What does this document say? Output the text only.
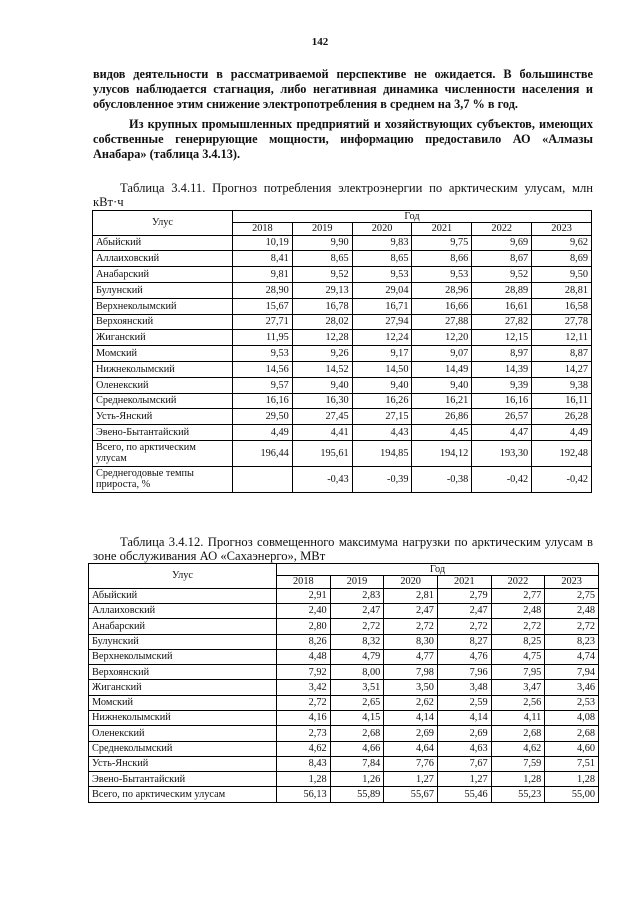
142

видов деятельности в рассматриваемой перспективе не ожидается. В большинстве улусов наблюдается стагнация, либо негативная динамика численности населения и обусловленное этим снижение электропотребления в среднем на 3,7 % в год.

Из крупных промышленных предприятий и хозяйствующих субъектов, имеющих собственные генерирующие мощности, информацию предоставило АО «Алмазы Анабара» (таблица 3.4.13).

Таблица 3.4.11. Прогноз потребления электроэнергии по арктическим улусам, млн кВт·ч

Улус	Год					
	2018	2019	2020	2021	2022	2023
Абыйский	10,19	9,90	9,83	9,75	9,69	9,62
Аллаиховский	8,41	8,65	8,65	8,66	8,67	8,69
Анабарский	9,81	9,52	9,53	9,53	9,52	9,50
Булунский	28,90	29,13	29,04	28,96	28,89	28,81
Верхнеколымский	15,67	16,78	16,71	16,66	16,61	16,58
Верхоянский	27,71	28,02	27,94	27,88	27,82	27,78
Жиганский	11,95	12,28	12,24	12,20	12,15	12,11
Момский	9,53	9,26	9,17	9,07	8,97	8,87
Нижнеколымский	14,56	14,52	14,50	14,49	14,39	14,27
Оленекский	9,57	9,40	9,40	9,40	9,39	9,38
Среднеколымский	16,16	16,30	16,26	16,21	16,16	16,11
Усть-Янский	29,50	27,45	27,15	26,86	26,57	26,28
Эвено-Бытантайский	4,49	4,41	4,43	4,45	4,47	4,49
Всего, по арктическим улусам	196,44	195,61	194,85	194,12	193,30	192,48
Среднегодовые темпы прироста, %		-0,43	-0,39	-0,38	-0,42	-0,42

Таблица 3.4.12. Прогноз совмещенного максимума нагрузки по арктическим улусам в зоне обслуживания АО «Сахаэнерго», МВт

Улус	Год					
	2018	2019	2020	2021	2022	2023
Абыйский	2,91	2,83	2,81	2,79	2,77	2,75
Аллаиховский	2,40	2,47	2,47	2,47	2,48	2,48
Анабарский	2,80	2,72	2,72	2,72	2,72	2,72
Булунский	8,26	8,32	8,30	8,27	8,25	8,23
Верхнеколымский	4,48	4,79	4,77	4,76	4,75	4,74
Верхоянский	7,92	8,00	7,98	7,96	7,95	7,94
Жиганский	3,42	3,51	3,50	3,48	3,47	3,46
Момский	2,72	2,65	2,62	2,59	2,56	2,53
Нижнеколымский	4,16	4,15	4,14	4,14	4,11	4,08
Оленекский	2,73	2,68	2,69	2,69	2,68	2,68
Среднеколымский	4,62	4,66	4,64	4,63	4,62	4,60
Усть-Янский	8,43	7,84	7,76	7,67	7,59	7,51
Эвено-Бытантайский	1,28	1,26	1,27	1,27	1,28	1,28
Всего, по арктическим улусам	56,13	55,89	55,67	55,46	55,23	55,00
